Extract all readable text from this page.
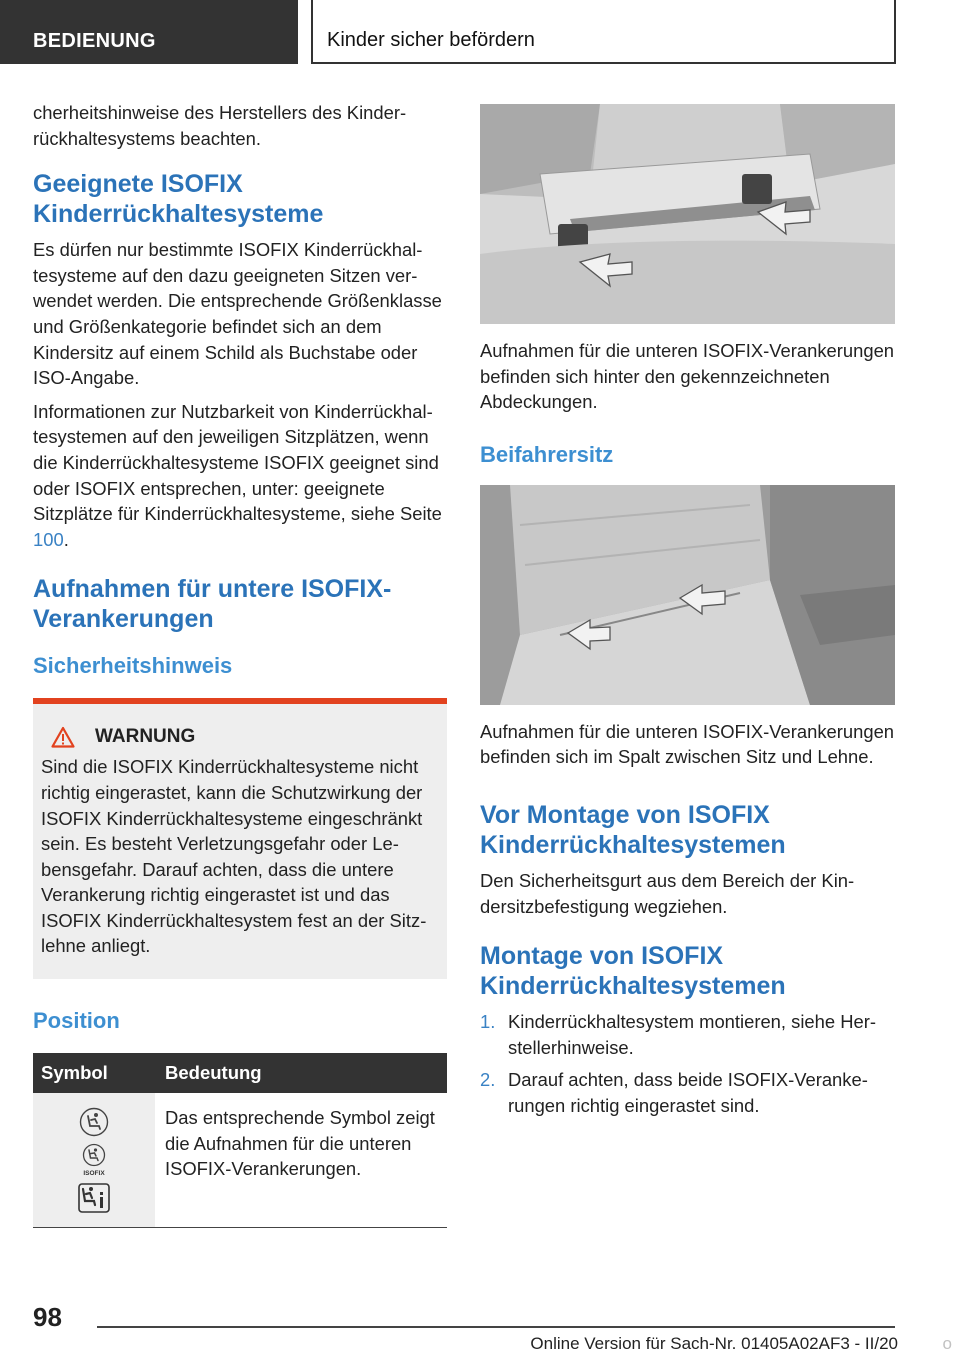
BEDIENUNG	Kinder sicher befördern

cherheitshinweise des Herstellers des Kinderrückhaltesystems beachten.

Geeignete ISOFIX Kinderrückhaltesysteme

Es dürfen nur bestimmte ISOFIX Kinderrückhaltesysteme auf den dazu geeigneten Sitzen verwendet werden. Die entsprechende Größenklasse und Größenkategorie befindet sich an dem Kindersitz auf einem Schild als Buchstabe oder ISO-Angabe.

Informationen zur Nutzbarkeit von Kinderrückhaltesystemen auf den jeweiligen Sitzplätzen, wenn die Kinderrückhaltesysteme ISOFIX geeignet sind oder ISOFIX entsprechen, unter: geeignete Sitzplätze für Kinderrückhaltesysteme, siehe Seite 100.

Aufnahmen für untere ISOFIX-Verankerungen
Sicherheitshinweis
WARNUNG

Sind die ISOFIX Kinderrückhaltesysteme nicht richtig eingerastet, kann die Schutzwirkung der ISOFIX Kinderrückhaltesysteme eingeschränkt sein. Es besteht Verletzungsgefahr oder Lebensgefahr. Darauf achten, dass die untere Verankerung richtig eingerastet ist und das ISOFIX Kinderrückhaltesystem fest an der Sitzlehne anliegt.

Position
Symbol	Bedeutung

ISOFIX	Das entsprechende Symbol zeigt die Aufnahmen für die unteren ISOFIX-Verankerungen.

Aufnahmen für die unteren ISOFIX-Verankerungen befinden sich hinter den gekennzeichneten Abdeckungen.

Beifahrersitz

Aufnahmen für die unteren ISOFIX-Verankerungen befinden sich im Spalt zwischen Sitz und Lehne.

Vor Montage von ISOFIX Kinderrückhaltesystemen

Den Sicherheitsgurt aus dem Bereich der Kindersitzbefestigung wegziehen.

Montage von ISOFIX Kinderrückhaltesystemen
1. Kinderrückhaltesystem montieren, siehe Herstellerhinweise.
2. Darauf achten, dass beide ISOFIX-Verankerungen richtig eingerastet sind.
98
Online Version für Sach-Nr. 01405A02AF3 - II/20	o
